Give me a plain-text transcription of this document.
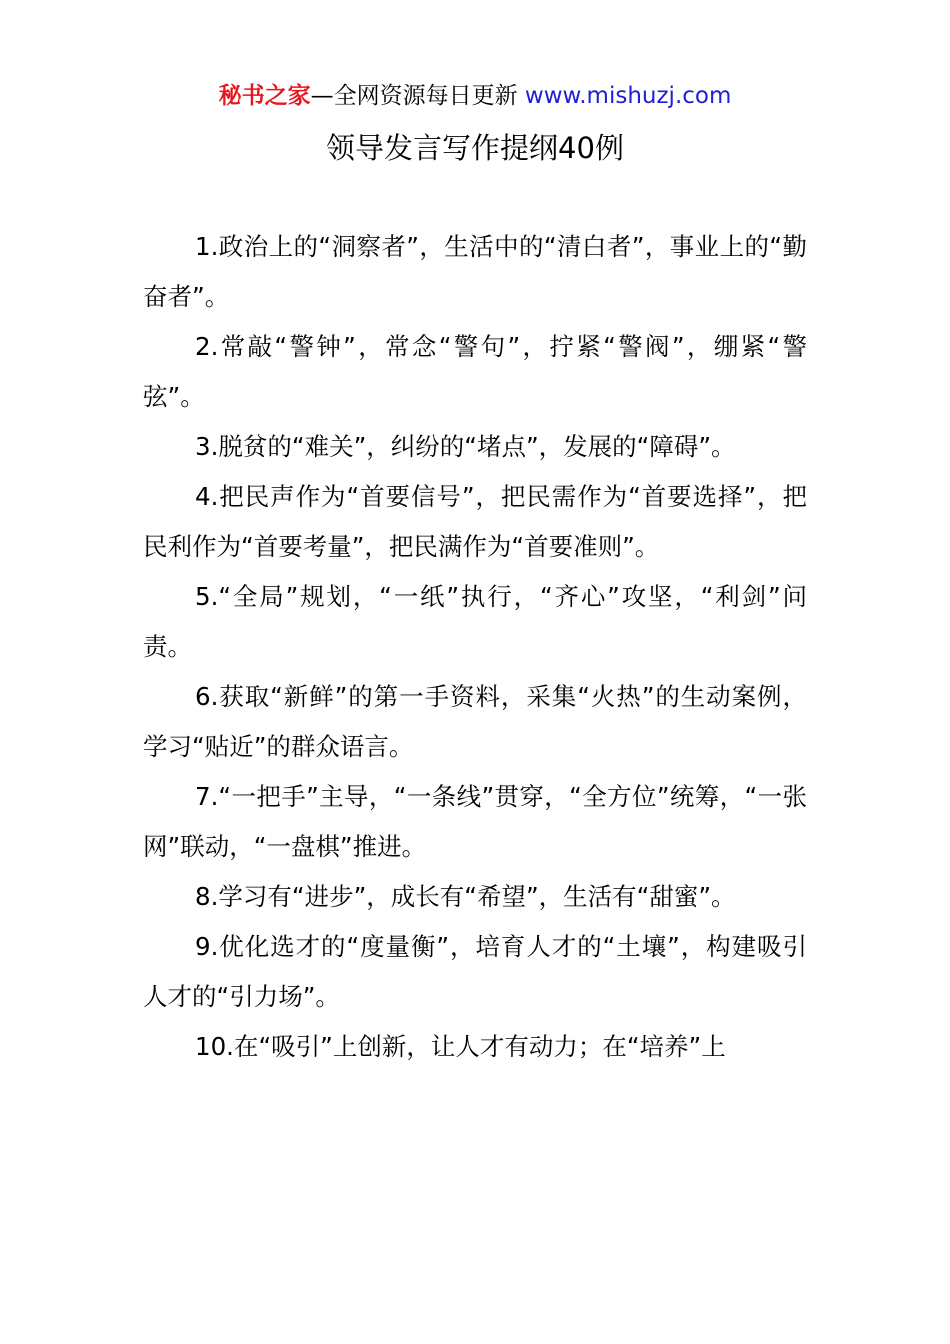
秘书之家—全网资源每日更新 www.mishuzj.com
领导发言写作提纲40例

1.政治上的“洞察者”，生活中的“清白者”，事业上的“勤奋者”。

2.常敲“警钟”，常念“警句”，拧紧“警阀”，绷紧“警弦”。

3.脱贫的“难关”，纠纷的“堵点”，发展的“障碍”。

4.把民声作为“首要信号”，把民需作为“首要选择”，把民利作为“首要考量”，把民满作为“首要准则”。

5.“全局”规划，“一纸”执行，“齐心”攻坚，“利剑”问责。

6.获取“新鲜”的第一手资料，采集“火热”的生动案例，学习“贴近”的群众语言。

7.“一把手”主导，“一条线”贯穿，“全方位”统筹，“一张网”联动，“一盘棋”推进。

8.学习有“进步”，成长有“希望”，生活有“甜蜜”。

9.优化选才的“度量衡”，培育人才的“土壤”，构建吸引人才的“引力场”。

10.在“吸引”上创新，让人才有动力；在“培养”上
